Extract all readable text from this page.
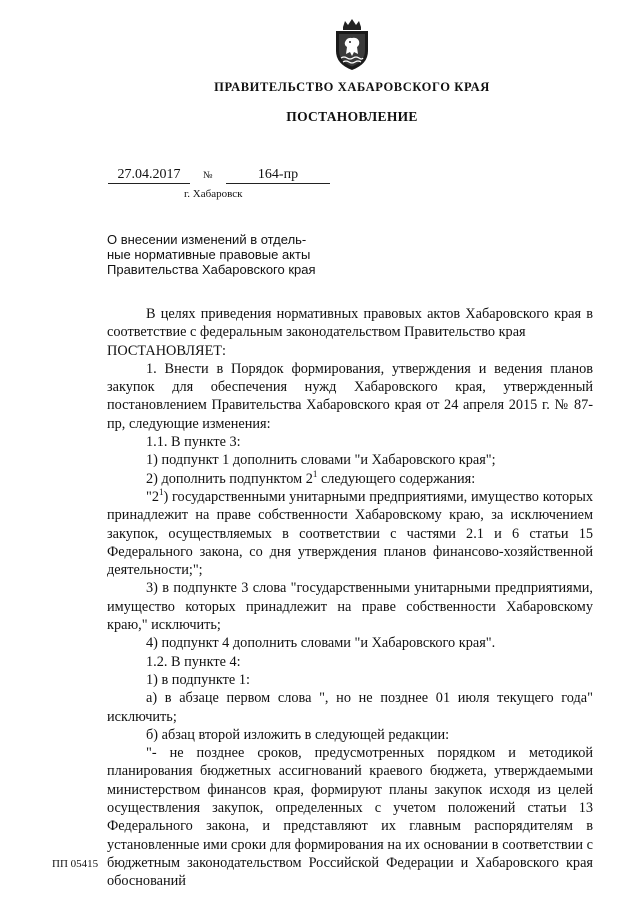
ПРАВИТЕЛЬСТВО ХАБАРОВСКОГО КРАЯ
ПОСТАНОВЛЕНИЕ
27.04.2017	№	164-пр
г. Хабаровск
О внесении изменений в отдель-
ные нормативные правовые акты
Правительства Хабаровского края

В целях приведения нормативных правовых актов Хабаровского края в соответствие с федеральным законодательством Правительство края

ПОСТАНОВЛЯЕТ:

1. Внести в Порядок формирования, утверждения и ведения планов закупок для обеспечения нужд Хабаровского края, утвержденный постановлением Правительства Хабаровского края от 24 апреля 2015 г. № 87-пр, следующие изменения:

1.1. В пункте 3:

1) подпункт 1 дополнить словами "и Хабаровского края";

2) дополнить подпунктом $2^1$ следующего содержания:

"$2^1$) государственными унитарными предприятиями, имущество которых принадлежит на праве собственности Хабаровскому краю, за исключением закупок, осуществляемых в соответствии с частями 2.1 и 6 статьи 15 Федерального закона, со дня утверждения планов финансово-хозяйственной деятельности;";

3) в подпункте 3 слова "государственными унитарными предприятиями, имущество которых принадлежит на праве собственности Хабаровскому краю," исключить;

4) подпункт 4 дополнить словами "и Хабаровского края".

1.2. В пункте 4:

1) в подпункте 1:

а) в абзаце первом слова ", но не позднее 01 июля текущего года" исключить;

б) абзац второй изложить в следующей редакции:

"- не позднее сроков, предусмотренных порядком и методикой планирования бюджетных ассигнований краевого бюджета, утверждаемыми министерством финансов края, формируют планы закупок исходя из целей осуществления закупок, определенных с учетом положений статьи 13 Федерального закона, и представляют их главным распорядителям в установленные ими сроки для формирования на их основании в соответствии с бюджетным законодательством Российской Федерации и Хабаровского края обоснований

ПП 05415
